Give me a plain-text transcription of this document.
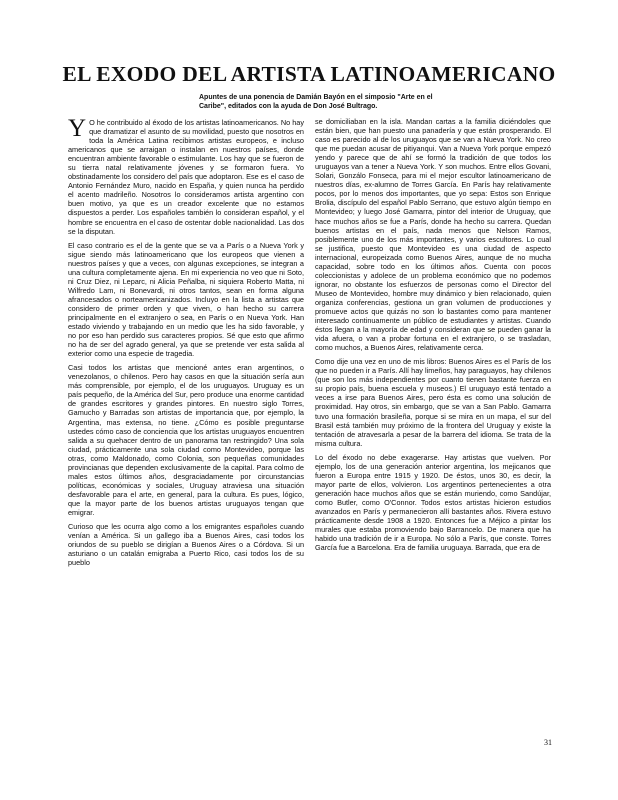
EL EXODO DEL ARTISTA LATINOAMERICANO
Apuntes de una ponencia de Damián Bayón en el simposio "Arte en el Caribe", editados con la ayuda de Don José Bultrago.

Y O he contribuido al éxodo de los artistas latinoamericanos. No hay que dramatizar el asunto de su movilidad, puesto que nosotros en toda la América Latina recibimos artistas europeos, e incluso americanos que se arraigan o instalan en nuestros países, donde encuentran ambiente favorable o estimulante. Los hay que se fueron de su tierra natal relativamente jóvenes y se formaron fuera. Yo obstinadamente los considero del país que adoptaron. Ese es el caso de Antonio Fernández Muro, nacido en España, y quien nunca ha perdido el acento madrileño. Nosotros lo consideramos artista argentino con buen motivo, ya que es un creador excelente que no estamos dispuestos a perder. Los españoles también lo consideran español, y el hombre se encuentra en el caso de ostentar doble nacionalidad. Las dos se la disputan.

El caso contrario es el de la gente que se va a París o a Nueva York y sigue siendo más latinoamericano que los europeos que vienen a nuestros países y que a veces, con algunas excepciones, se integran a una cultura completamente ajena. En mi experiencia no veo que ni Soto, ni Cruz Diez, ni Leparc, ni Alicia Peñalba, ni siquiera Roberto Matta, ni Wilfredo Lam, ni Bonevardi, ni otros tantos, sean en forma alguna afrancesados o norteamericanizados. Incluyo en la lista a artistas que considero de primer orden y que viven, o han hecho su carrera principalmente en el extranjero o sea, en París o en Nueva York. Han estado viviendo y trabajando en un medio que les ha sido favorable, y no por eso han perdido sus caracteres propios. Sé que esto que afirmo no ha de ser del agrado general, ya que se pretende ver esta salida al exterior como una especie de tragedia.

Casi todos los artistas que mencioné antes eran argentinos, o venezolanos, o chilenos. Pero hay casos en que la situación sería aun más comprensible, por ejemplo, el de los uruguayos. Uruguay es un país pequeño, de la América del Sur, pero produce una enorme cantidad de grandes escritores y grandes pintores. En nuestro siglo Torres, Gamucho y Barradas son artistas de importancia que, por ejemplo, la Argentina, mas extensa, no tiene. ¿Cómo es posible preguntarse ustedes cómo caso de conciencia que los artistas uruguayos encuentren salida a su quehacer dentro de un panorama tan restringido? Una sola ciudad, prácticamente una sola ciudad como Montevideo, porque las otras, como Maldonado, como Colonia, son pequeñas comunidades provincianas que dependen exclusivamente de la capital. Para colmo de males estos últimos años, desgraciadamente por circunstancias políticas, económicas y sociales, Uruguay atraviesa una situación desfavorable para el arte, en general, para la cultura. Es pues, lógico, que la mayor parte de los buenos artistas uruguayos tengan que emigrar.

Curioso que les ocurra algo como a los emigrantes españoles cuando venían a América. Si un gallego iba a Buenos Aires, casi todos los oriundos de su pueblo se dirigían a Buenos Aires o a Córdova. Si un asturiano o un catalán emigraba a Puerto Rico, casi todos los de su pueblo

se domiciliaban en la isla. Mandan cartas a la familia diciéndoles que están bien, que han puesto una panadería y que están prosperando. El caso es parecido al de los uruguayos que se van a Nueva York. No creo que me puedan acusar de pitiyanqui. Van a Nueva York porque empezó yendo y parece que de ahí se formó la tradición de que todos los uruguayos van a tener a Nueva York. Y son muchos. Entre ellos Govani, Solari, Gonzálo Fonseca, para mi el mejor escultor latinoamericano de nuestros días, ex-alumno de Torres García. En París hay relativamente pocos, por lo menos dos importantes, que yo sepa: Estos son Enrique Brolia, discípulo del español Pablo Serrano, que estuvo algún tiempo en Montevideo; y luego José Gamarra, pintor del interior de Uruguay, que hace muchos años se fue a París, donde ha hecho su carrera. Quedan buenos artistas en el país, nada menos que Nelson Ramos, posiblemente uno de los más importantes, y varios escultores. Lo cual se justifica, puesto que Montevideo es una ciudad de aspecto internacional, europeizada como Buenos Aires, aunque de no mucha capacidad, sobre todo en los últimos años. Cuenta con pocos coleccionistas y adolece de un problema económico que no podemos ignorar, no obstante los esfuerzos de personas como el Director del Museo de Montevideo, hombre muy dinámico y bien relacionado, quien organiza conferencias, gestiona un gran volumen de producciones y promueve actos que quizás no son lo bastantes como para mantener interesado continuamente un público de estudiantes y artistas. Cuando éstos llegan a la mayoría de edad y consideran que se pueden ganar la vida afuera, o van a probar fortuna en el extranjero, o se trasladan, como muchos, a Buenos Aires, relativamente cerca.

Como dije una vez en uno de mis libros: Buenos Aires es el París de los que no pueden ir a París. Allí hay limeños, hay paraguayos, hay chilenos (que son los más independientes por cuanto tienen bastante fuerza en su propio país, buena escuela y museos.) El uruguayo está tentado a veces a irse para Buenos Aires, pero ésta es como una solución de proximidad. Hay otros, sin embargo, que se van a San Pablo. Gamarra tuvo una formación brasileña, porque si se mira en un mapa, el sur del Brasil está también muy próximo de la frontera del Uruguay y existe la tentación de atravesarla a pesar de la barrera del idioma. Se trata de la misma cultura.

Lo del éxodo no debe exagerarse. Hay artistas que vuelven. Por ejemplo, los de una generación anterior argentina, los mejicanos que fueron a Europa entre 1915 y 1920. De éstos, unos 30, es decir, la mayor parte de ellos, volvieron. Los argentinos pertenecientes a otra generación hace muchos años que se están muriendo, como Sandújar, como Butler, como O'Connor. Todos estos artistas hicieron estudios avanzados en París y permanecieron allí bastantes años. Rivera estuvo prácticamente desde 1908 a 1920. Entonces fue a Méjico a pintar los murales que estaba promoviendo bajo Barrancelo. De manera que ha habido una tradición de ir a Europa. No sólo a París, que conste. Torres García fue a Barcelona. Era de familia uruguaya. Barrada, que era de

31
